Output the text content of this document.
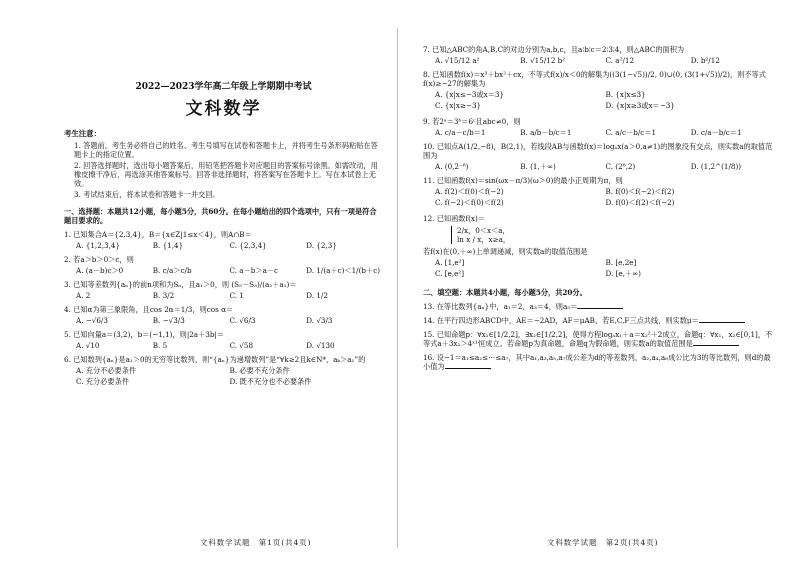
2022—2023学年高二年级上学期期中考试
文科数学
考生注意：
1. 答题前，考生务必将自己的姓名、考生号填写在试卷和答题卡上，并将考生号条形码粘贴在答题卡上的指定位置。
2. 回答选择题时，选出每小题答案后，用铅笔把答题卡对应题目的答案标号涂黑。如需改动，用橡皮擦干净后，再选涂其他答案标号。回答非选择题时，将答案写在答题卡上。写在本试卷上无效。
3. 考试结束后，将本试卷和答题卡一并交回。
一、选择题：本题共12小题，每小题5分，共60分。在每小题给出的四个选项中，只有一项是符合题目要求的。
1. 已知集合A＝{2,3,4}，B＝{x∈Z|1≤x＜4}，则A∩B＝
A. {1,2,3,4}	B. {1,4}	C. {2,3,4}	D. {2,3}
2. 若a＞b＞0＞c，则
A. (a－b)c＞0	B. c/a＞c/b	C. a－b＞a－c	D. 1/(a＋c)＜1/(b＋c)
3. 已知等差数列{aₙ}的前n项和为Sₙ，且a₁＞0，则 (S₅－S₃)/(a₂＋a₁)＝
A. 2	B. 3/2	C. 1	D. 1/2
4. 已知α为第三象限角，且cos 2α＝1/3，则cos α＝
A. −√6/3	B. −√3/3	C. √6/3	D. √3/3
5. 已知向量a＝(3,2)，b＝(−1,1)，则|2a＋3b|＝
A. √10	B. 5	C. √58	D. √130
6. 已知数列{aₙ}是a₁＞0的无穷等比数列，则“{aₙ}为递增数列”是“∀k≥2且k∈N*，aₖ＞a₁”的
A. 充分不必要条件	B. 必要不充分条件
C. 充分必要条件	D. 既不充分也不必要条件
文科数学试题　第1页(共4页)
7. 已知△ABC的角A,B,C的对边分别为a,b,c，且a∶b∶c＝2∶3∶4，则△ABC的面积为
A. √15/12 a²	B. √15/12 b²	C. a²/12	D. b²/12
8. 已知函数f(x)＝x³＋bx²＋cx，不等式f(x)/x＜0的解集为((3(1−√5))/2, 0)∪(0, (3(1+√5))/2)，则不等式f(x)≥−27的解集为
A. {x|x≤−3或x＝3}	B. {x|x≤3}
C. {x|x≥−3}	D. {x|x≥3或x＝−3}
9. 若2ᵃ＝3ᵇ＝6ᶜ且abc≠0，则
A. c/a－c/b＝1	B. a/b－b/c＝1	C. a/c－b/c＝1	D. c/a－b/c＝1
10. 已知点A(1/2,−8)，B(2,1)，若线段AB与函数f(x)＝logₐx(a＞0,a≠1)的图象没有交点，则实数a的取值范围为
A. (0,2⁻⁸)	B. (1,＋∞)	C. (2⁸,2)	D. (1,2^(1/8))
11. 已知函数f(x)＝sin(ωx－π/3)(ω＞0)的最小正周期为π，则
A. f(2)＜f(0)＜f(−2)	B. f(0)＜f(−2)＜f(2)
C. f(−2)＜f(0)＜f(2)	D. f(0)＜f(2)＜f(−2)
12. 已知函数f(x)＝
2/x，0＜x＜a，
ln x / x，x≥a，
若f(x)在(0,＋∞)上单调递减，则实数a的取值范围是
A. [1,e²]	B. [e,2e]
C. [e,e²]	D. [e,＋∞)
二、填空题：本题共4小题，每小题5分，共20分。
13. 在等比数列{aₙ}中，a₁＝2，a₃＝4，则a₅＝
14. 在平行四边形ABCD中，AE＝−2AD，AF＝μAB，若E,C,F三点共线，则实数μ＝
15. 已知命题p：∀x₁∈[1/2,2]，∃x₂∈[1/2,2]，使得方程logₐx₁＋a＝x₂²＋2成立，命题q：∀x₁，x₂∈[0,1]，不等式a＋3x₂＞4ˣ¹恒成立。若命题p为真命题，命题q为假命题，则实数a的取值范围是
16. 设−1＝a₁≤a₂≤⋯≤a₇，其中a₁,a₃,a₅,a₇成公差为d的等差数列，a₂,a₄,a₆成公比为3的等比数列，则d的最小值为
文科数学试题　第2页(共4页)
